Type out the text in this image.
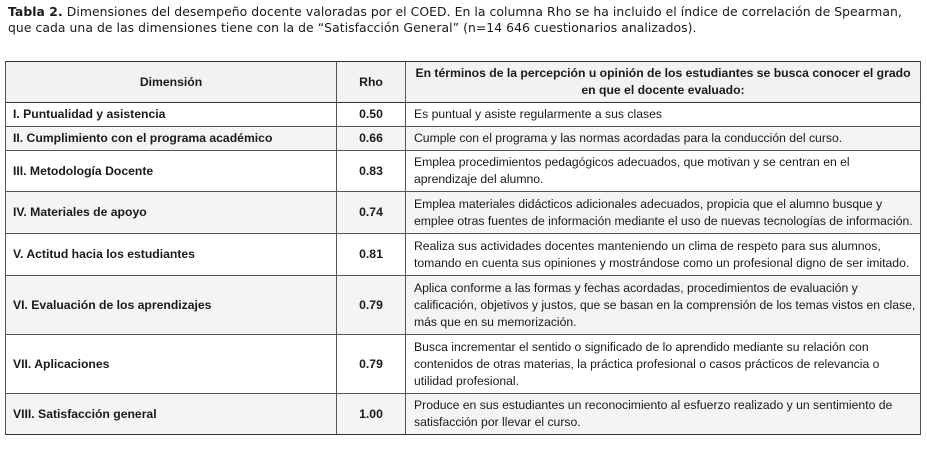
Tabla 2. Dimensiones del desempeño docente valoradas por el COED. En la columna Rho se ha incluido el índice de correlación de Spearman, que cada una de las dimensiones tiene con la de “Satisfacción General” (n=14 646 cuestionarios analizados).
Dimensión	Rho	En términos de la percepción u opinión de los estudiantes se busca conocer el grado en que el docente evaluado:
I. Puntualidad y asistencia	0.50	Es puntual y asiste regularmente a sus clases
II. Cumplimiento con el programa académico	0.66	Cumple con el programa y las normas acordadas para la conducción del curso.
III. Metodología Docente	0.83	Emplea procedimientos pedagógicos adecuados, que motivan y se centran en el aprendizaje del alumno.
IV. Materiales de apoyo	0.74	Emplea materiales didácticos adicionales adecuados, propicia que el alumno busque y emplee otras fuentes de información mediante el uso de nuevas tecnologías de información.
V. Actitud hacia los estudiantes	0.81	Realiza sus actividades docentes manteniendo un clima de respeto para sus alumnos, tomando en cuenta sus opiniones y mostrándose como un profesional digno de ser imitado.
VI. Evaluación de los aprendizajes	0.79	Aplica conforme a las formas y fechas acordadas, procedimientos de evaluación y calificación, objetivos y justos, que se basan en la comprensión de los temas vistos en clase, más que en su memorización.
VII. Aplicaciones	0.79	Busca incrementar el sentido o significado de lo aprendido mediante su relación con contenidos de otras materias, la práctica profesional o casos prácticos de relevancia o utilidad profesional.
VIII. Satisfacción general	1.00	Produce en sus estudiantes un reconocimiento al esfuerzo realizado y un sentimiento de satisfacción por llevar el curso.
